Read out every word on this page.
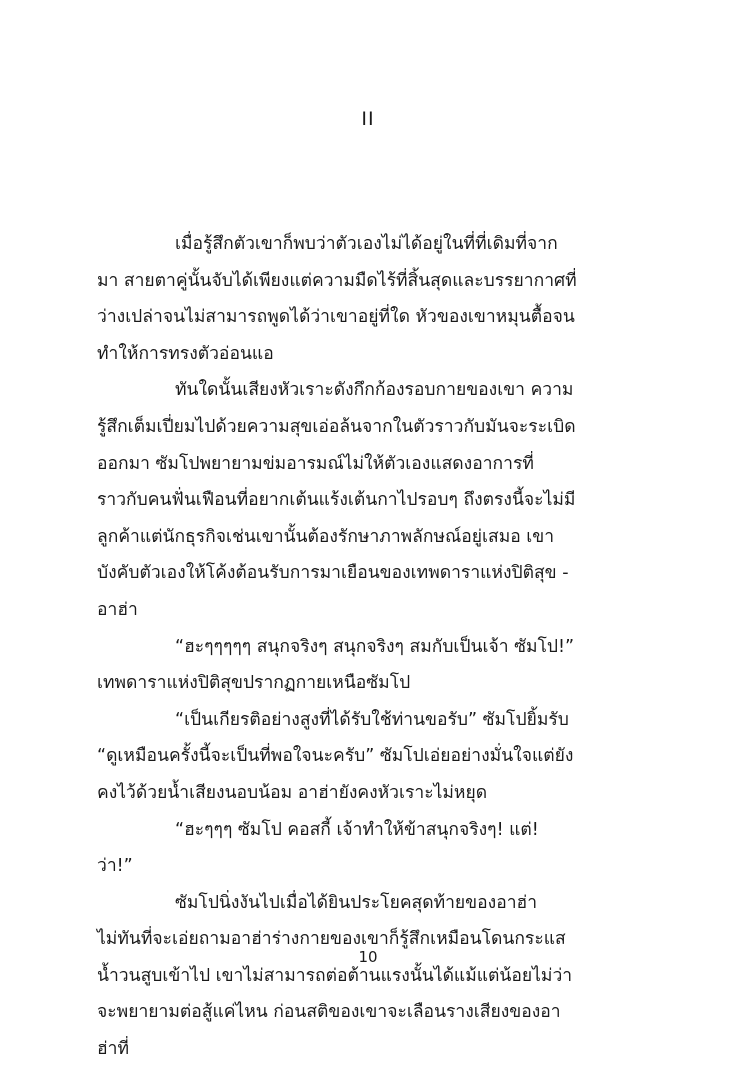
II

เมื่อรู้สึกตัวเขาก็พบว่าตัวเองไม่ได้อยู่ในที่ที่เดิมที่จากมา สายตาคู่นั้นจับได้เพียงแต่ความมืดไร้ที่สิ้นสุดและบรรยากาศที่ว่างเปล่าจนไม่สามารถพูดได้ว่าเขาอยู่ที่ใด หัวของเขาหมุนตื้อจนทำให้การทรงตัวอ่อนแอ

ทันใดนั้นเสียงหัวเราะดังกึกก้องรอบกายของเขา ความรู้สึกเต็มเปี่ยมไปด้วยความสุขเอ่อล้นจากในตัวราวกับมันจะระเบิดออกมา ซัมโปพยายามข่มอารมณ์ไม่ให้ตัวเองแสดงอาการที่ราวกับคนฟั่นเฟือนที่อยากเต้นแร้งเต้นกาไปรอบๆ ถึงตรงนี้จะไม่มีลูกค้าแต่นักธุรกิจเช่นเขานั้นต้องรักษาภาพลักษณ์อยู่เสมอ เขาบังคับตัวเองให้โค้งต้อนรับการมาเยือนของเทพดาราแห่งปิติสุข - อาฮ่า

“ฮะๆๆๆๆๆ สนุกจริงๆ สนุกจริงๆ สมกับเป็นเจ้า ซัมโป!”

เทพดาราแห่งปิติสุขปรากฏกายเหนือซัมโป

“เป็นเกียรติอย่างสูงที่ได้รับใช้ท่านขอรับ” ซัมโปยิ้มรับ “ดูเหมือนครั้งนี้จะเป็นที่พอใจนะครับ” ซัมโปเอ่ยอย่างมั่นใจแต่ยังคงไว้ด้วยน้ำเสียงนอบน้อม อาฮ่ายังคงหัวเราะไม่หยุด

“ฮะๆๆๆ ซัมโป คอสกี้ เจ้าทำให้ข้าสนุกจริงๆ! แต่! ว่า!”

ซัมโปนิ่งงันไปเมื่อได้ยินประโยคสุดท้ายของอาฮ่า ไม่ทันที่จะเอ่ยถามอาฮ่าร่างกายของเขาก็รู้สึกเหมือนโดนกระแสน้ำวนสูบเข้าไป เขาไม่สามารถต่อต้านแรงนั้นได้แม้แต่น้อยไม่ว่าจะพยายามต่อสู้แค่ไหน ก่อนสติของเขาจะเลือนรางเสียงของอาฮ่าที่

10
